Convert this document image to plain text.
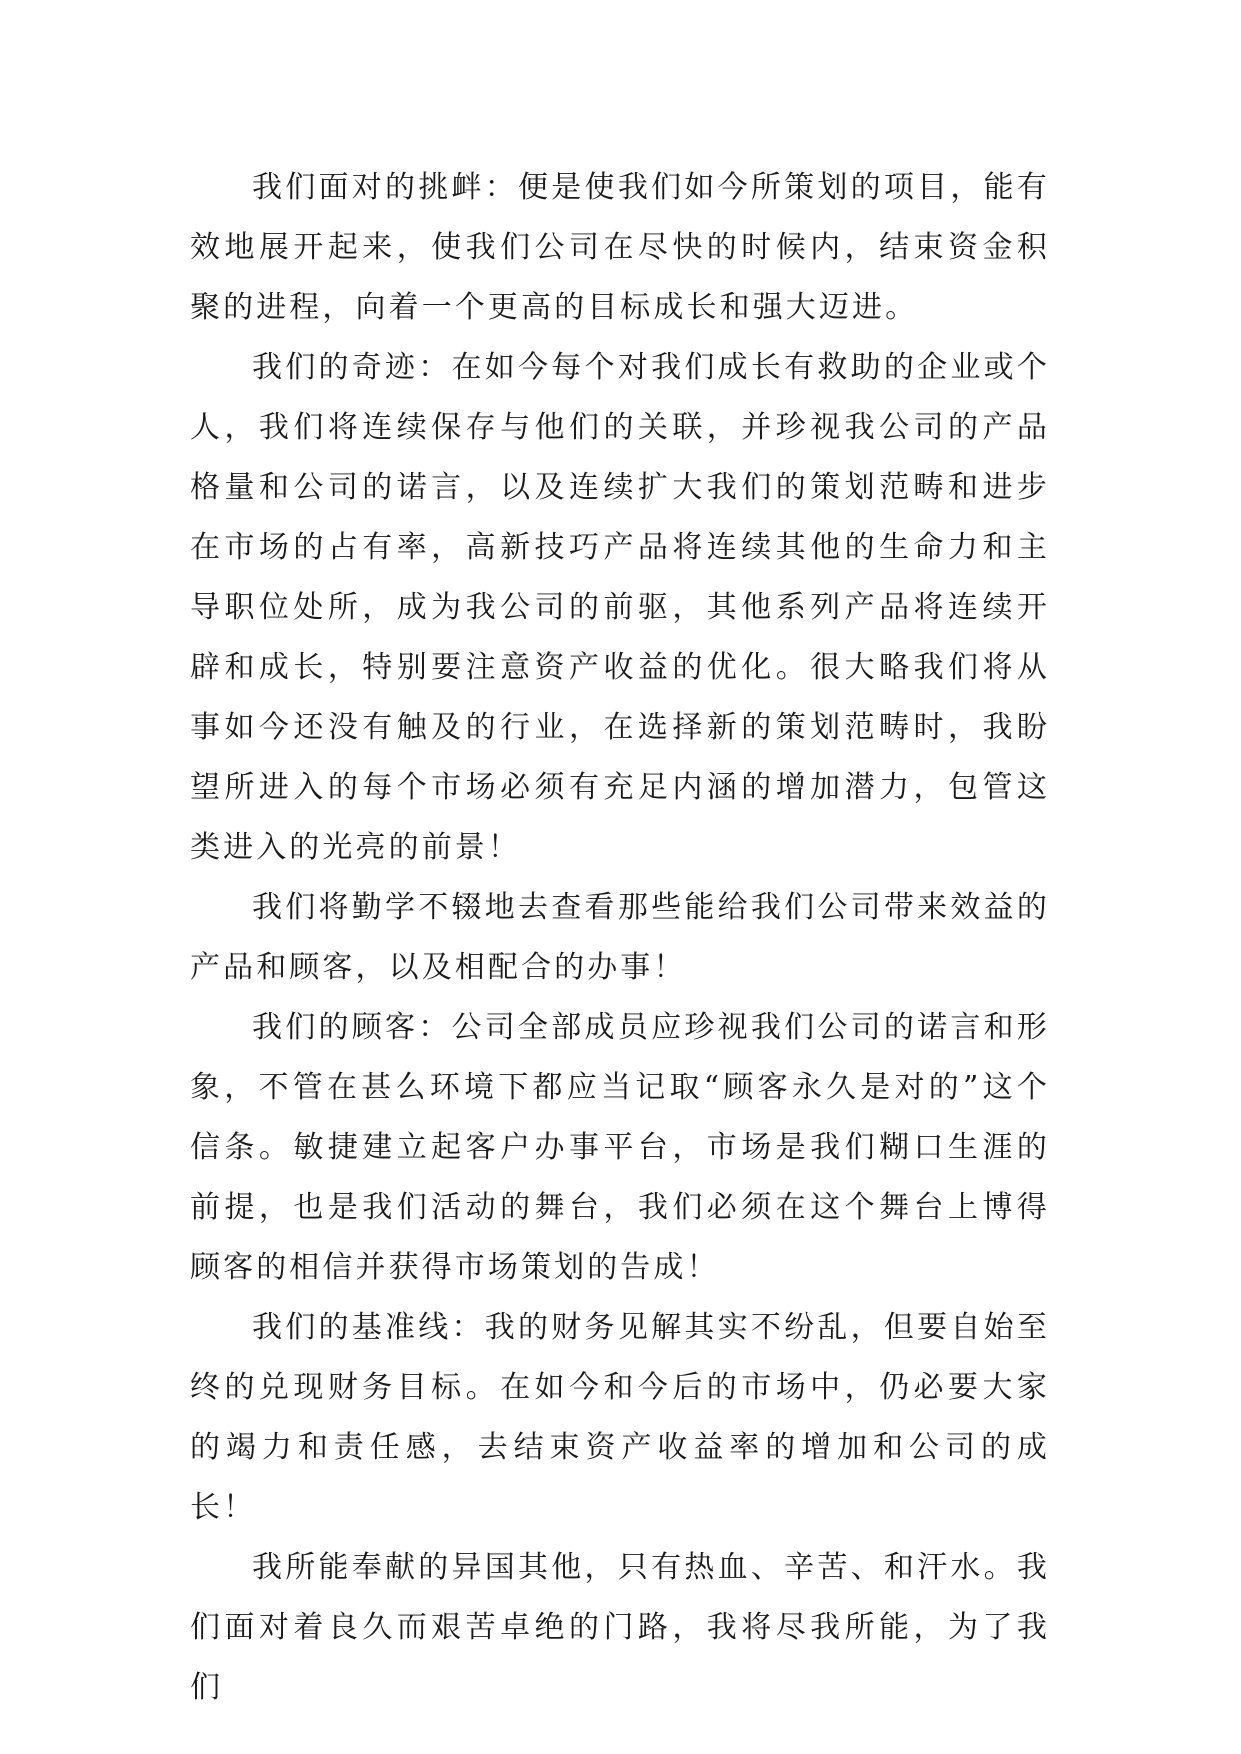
我们面对的挑衅：便是使我们如今所策划的项目，能有效地展开起来，使我们公司在尽快的时候内，结束资金积聚的进程，向着一个更高的目标成长和强大迈进。

我们的奇迹：在如今每个对我们成长有救助的企业或个人，我们将连续保存与他们的关联，并珍视我公司的产品格量和公司的诺言，以及连续扩大我们的策划范畴和进步在市场的占有率，高新技巧产品将连续其他的生命力和主导职位处所，成为我公司的前驱，其他系列产品将连续开辟和成长，特别要注意资产收益的优化。很大略我们将从事如今还没有触及的行业，在选择新的策划范畴时，我盼望所进入的每个市场必须有充足内涵的增加潜力，包管这类进入的光亮的前景！

我们将勤学不辍地去查看那些能给我们公司带来效益的产品和顾客，以及相配合的办事！

我们的顾客：公司全部成员应珍视我们公司的诺言和形象，不管在甚么环境下都应当记取“顾客永久是对的”这个信条。敏捷建立起客户办事平台，市场是我们糊口生涯的前提，也是我们活动的舞台，我们必须在这个舞台上博得顾客的相信并获得市场策划的告成！

我们的基准线：我的财务见解其实不纷乱，但要自始至终的兑现财务目标。在如今和今后的市场中，仍必要大家的竭力和责任感，去结束资产收益率的增加和公司的成长！

我所能奉献的异国其他，只有热血、辛苦、和汗水。我们面对着良久而艰苦卓绝的门路，我将尽我所能，为了我们
